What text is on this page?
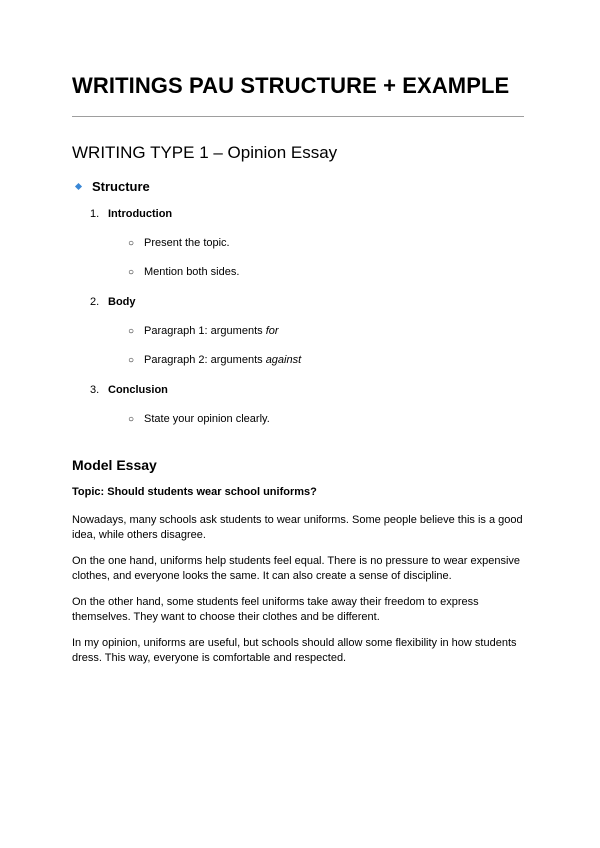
WRITINGS PAU STRUCTURE + EXAMPLE
WRITING TYPE 1 – Opinion Essay
Structure
1. Introduction
○ Present the topic.
○ Mention both sides.
2. Body
○ Paragraph 1: arguments for
○ Paragraph 2: arguments against
3. Conclusion
○ State your opinion clearly.
Model Essay
Topic: Should students wear school uniforms?

Nowadays, many schools ask students to wear uniforms. Some people believe this is a good idea, while others disagree.

On the one hand, uniforms help students feel equal. There is no pressure to wear expensive clothes, and everyone looks the same. It can also create a sense of discipline.

On the other hand, some students feel uniforms take away their freedom to express themselves. They want to choose their clothes and be different.

In my opinion, uniforms are useful, but schools should allow some flexibility in how students dress. This way, everyone is comfortable and respected.
